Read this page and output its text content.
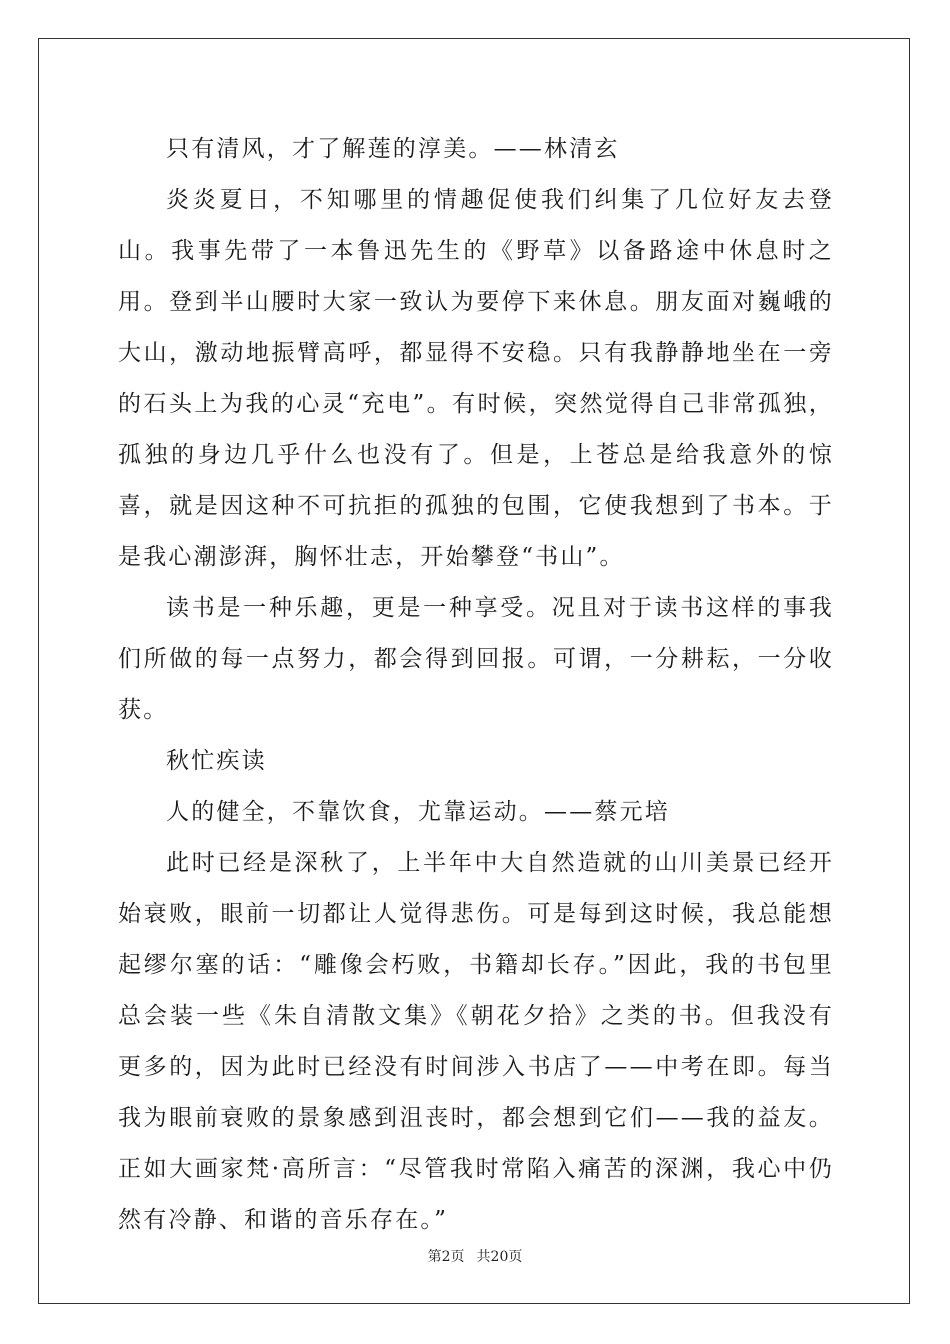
只有清风，才了解莲的淳美。——林清玄

炎炎夏日，不知哪里的情趣促使我们纠集了几位好友去登山。我事先带了一本鲁迅先生的《野草》以备路途中休息时之用。登到半山腰时大家一致认为要停下来休息。朋友面对巍峨的大山，激动地振臂高呼，都显得不安稳。只有我静静地坐在一旁的石头上为我的心灵“充电”。有时候，突然觉得自己非常孤独，孤独的身边几乎什么也没有了。但是，上苍总是给我意外的惊喜，就是因这种不可抗拒的孤独的包围，它使我想到了书本。于是我心潮澎湃，胸怀壮志，开始攀登“书山”。

读书是一种乐趣，更是一种享受。况且对于读书这样的事我们所做的每一点努力，都会得到回报。可谓，一分耕耘，一分收获。

秋忙疾读

人的健全，不靠饮食，尤靠运动。——蔡元培

此时已经是深秋了，上半年中大自然造就的山川美景已经开始衰败，眼前一切都让人觉得悲伤。可是每到这时候，我总能想起缪尔塞的话：“雕像会朽败，书籍却长存。”因此，我的书包里总会装一些《朱自清散文集》《朝花夕拾》之类的书。但我没有更多的，因为此时已经没有时间涉入书店了——中考在即。每当我为眼前衰败的景象感到沮丧时，都会想到它们——我的益友。正如大画家梵·高所言：“尽管我时常陷入痛苦的深渊，我心中仍然有冷静、和谐的音乐存在。”

第2页 共20页
